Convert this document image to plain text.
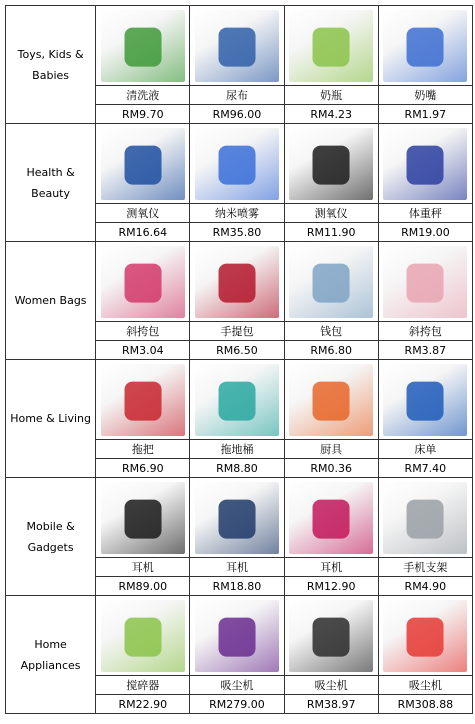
Toys, Kids & Babies	

	清洗液	尿布	奶瓶	奶嘴
	RM9.70	RM96.00	RM4.23	RM1.97
Health & Beauty	

	测氧仪	纳米喷雾	测氧仪	体重秤
	RM16.64	RM35.80	RM11.90	RM19.00
Women Bags	

	斜挎包	手提包	钱包	斜挎包
	RM3.04	RM6.50	RM6.80	RM3.87
Home & Living	

	拖把	拖地桶	厨具	床单
	RM6.90	RM8.80	RM0.36	RM7.40
Mobile & Gadgets	

	耳机	耳机	耳机	手机支架
	RM89.00	RM18.80	RM12.90	RM4.90
Home Appliances	

	搅碎器	吸尘机	吸尘机	吸尘机
	RM22.90	RM279.00	RM38.97	RM308.88
